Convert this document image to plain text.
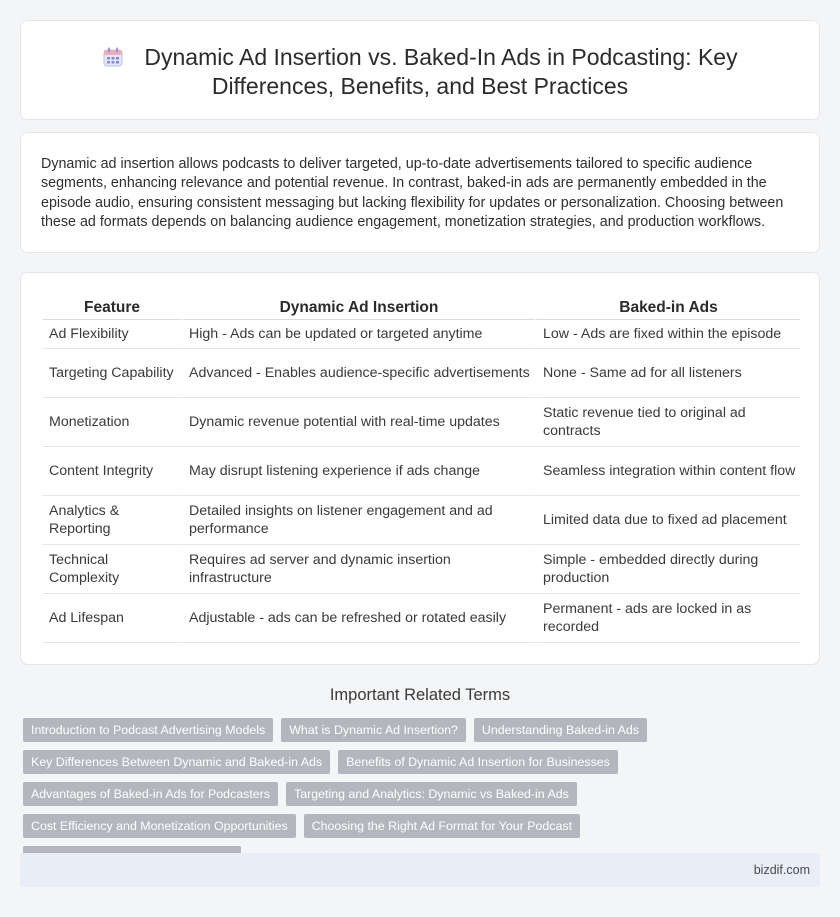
Dynamic Ad Insertion vs. Baked-In Ads in Podcasting: Key
Differences, Benefits, and Best Practices

Dynamic ad insertion allows podcasts to deliver targeted, up-to-date advertisements tailored to specific audience segments, enhancing relevance and potential revenue. In contrast, baked-in ads are permanently embedded in the episode audio, ensuring consistent messaging but lacking flexibility for updates or personalization. Choosing between these ad formats depends on balancing audience engagement, monetization strategies, and production workflows.

Feature	Dynamic Ad Insertion	Baked-in Ads
Ad Flexibility	High - Ads can be updated or targeted anytime	Low - Ads are fixed within the episode
Targeting Capability	Advanced - Enables audience-specific advertisements	None - Same ad for all listeners
Monetization	Dynamic revenue potential with real-time updates	Static revenue tied to original ad contracts
Content Integrity	May disrupt listening experience if ads change	Seamless integration within content flow
Analytics & Reporting	Detailed insights on listener engagement and ad performance	Limited data due to fixed ad placement
Technical Complexity	Requires ad server and dynamic insertion infrastructure	Simple - embedded directly during production
Ad Lifespan	Adjustable - ads can be refreshed or rotated easily	Permanent - ads are locked in as recorded
Important Related Terms
Introduction to Podcast Advertising Models	What is Dynamic Ad Insertion?	Understanding Baked-in Ads
Key Differences Between Dynamic and Baked-in Ads	Benefits of Dynamic Ad Insertion for Businesses
Advantages of Baked-in Ads for Podcasters	Targeting and Analytics: Dynamic vs Baked-in Ads
Cost Efficiency and Monetization Opportunities	Choosing the Right Ad Format for Your Podcast
bizdif.com
